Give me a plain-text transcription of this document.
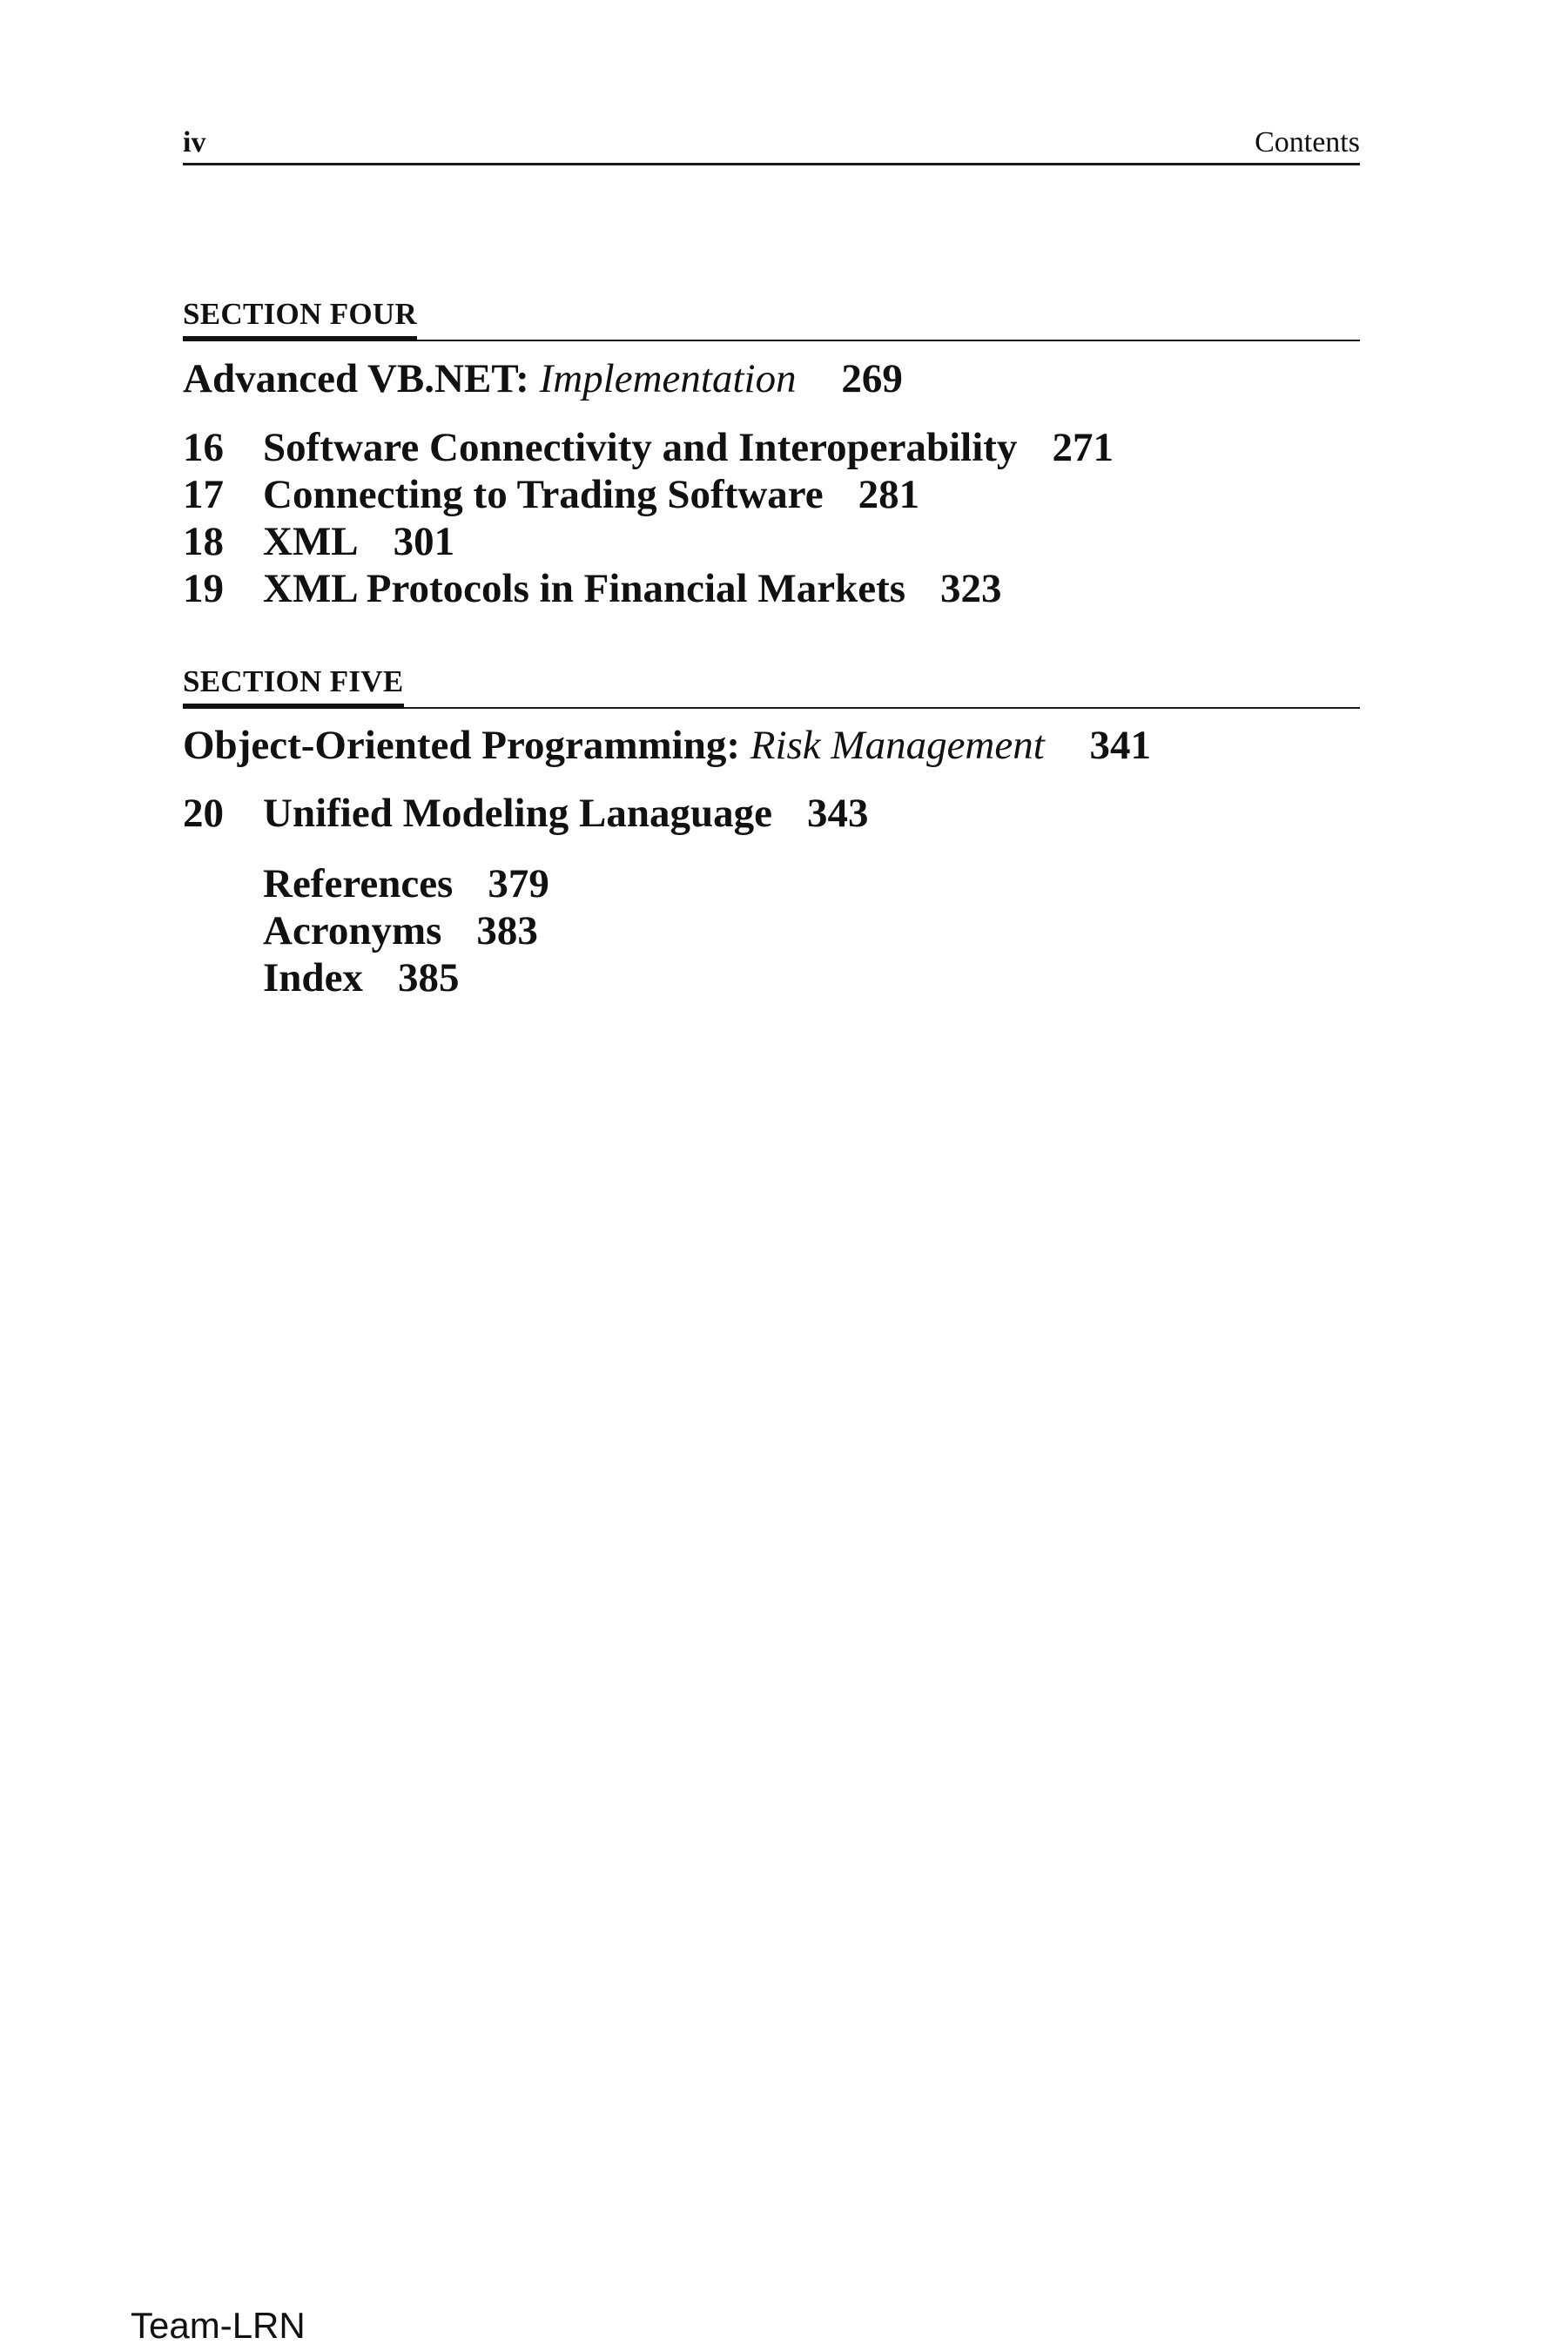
iv	Contents
SECTION FOUR
Advanced VB.NET: Implementation 269
16 Software Connectivity and Interoperability 271
17 Connecting to Trading Software 281
18 XML 301
19 XML Protocols in Financial Markets 323
SECTION FIVE
Object-Oriented Programming: Risk Management 341
20 Unified Modeling Lanaguage 343
References 379
Acronyms 383
Index 385
Team-LRN
